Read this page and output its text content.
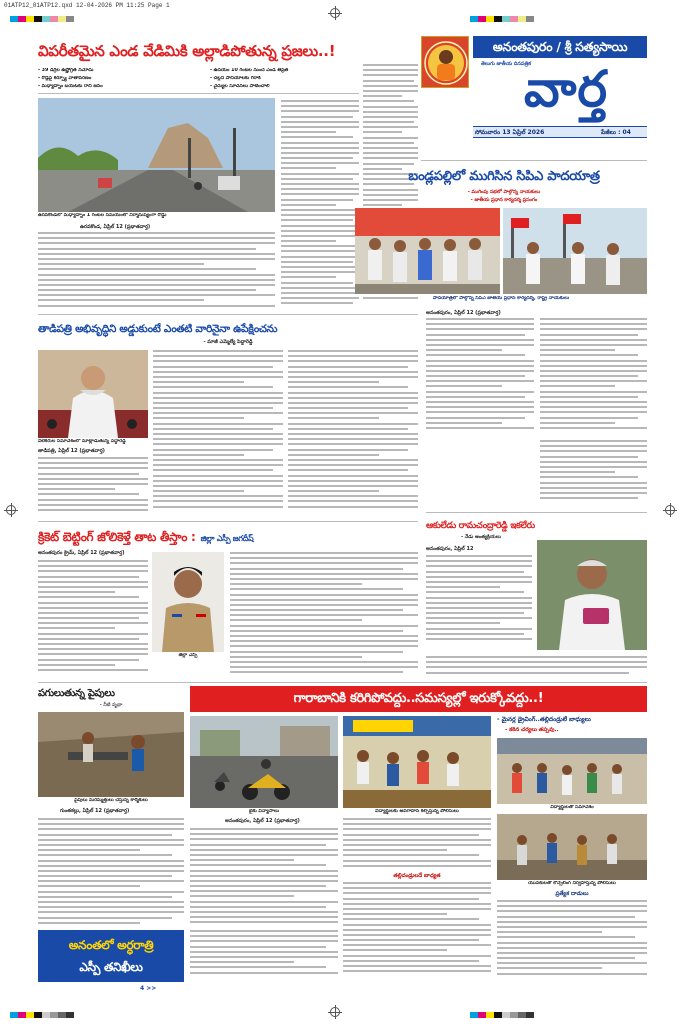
01ATP12_01ATP12.qxd 12-04-2026 PM 11:25 Page 1
అనంతపురం / శ్రీ సత్యసాయి
తెలుగు జాతీయ దినపత్రిక
వార్త
సోమవారం 13 ఏప్రిల్ 2026	పేజీలు : 04
విపరీతమైన ఎండ వేడిమికి అల్లాడిపోతున్న ప్రజలు..!
- 39 డిగ్రీల ఉష్ణోగ్రత నమోదు
- రోడ్లపై కర్ఫ్యూ వాతావరణం
- మధ్యాహ్నం బయటకు రాని జనం
- ఉదయం 10 గంటల నుంచే ఎండ తీవ్రత
- చల్లని పానీయాలకు గిరాకీ
- వైద్యుల సూచనలు పాటించాలి
ఉరవకొండలో మధ్యాహ్నం 1 గంటల సమయంలో నిర్మానుష్యంగా రోడ్డు
ఉరవకొండ, ఏప్రిల్ 12 (ప్రభాతవార్త)
తాడిపత్రి అభివృద్ధిని అడ్డుకుంటే ఎంతటి వారినైనా ఉపేక్షించను
- మాజీ ఎమ్మెల్యే పెద్దారెడ్డి
విలేకరుల సమావేశంలో మాట్లాడుతున్న పెద్దారెడ్డి
తాడిపత్రి, ఏప్రిల్ 12 (ప్రభాతవార్త)
క్రికెట్ బెట్టింగ్ జోలికెళ్తే తాట తీస్తాం : జిల్లా ఎస్పీ జగదీష్
అనంతపురం క్రైమ్, ఏప్రిల్ 12 (ప్రభాతవార్త)
జిల్లా ఎస్పీ
బండ్లపల్లిలో ముగిసిన సిపిఎ పాదయాత్ర
- ముగింపు సభలో పాల్గొన్న నాయకులు
- జాతీయ ప్రధాన కార్యదర్శి ప్రసంగం
పాదయాత్రలో పాల్గొన్న సిపిఎ జాతీయ ప్రధాన కార్యదర్శి, రాష్ట్ర నాయకులు
అనంతపురం, ఏప్రిల్ 12 (ప్రభాతవార్త)
ఆకులేడు రామచంద్రారెడ్డి ఇకలేరు
- నేడు అంత్యక్రియలు
అనంతపురం, ఏప్రిల్ 12
పగులుతున్న పైపులు
- నీటి వృథా
పైపులు మరమ్మత్తులు చేస్తున్న కార్మికులు
గుంతకల్లు, ఏప్రిల్ 12 (ప్రభాతవార్త)
అనంతలో అర్ధరాత్రి
ఎస్పీ తనిఖీలు
4 >>
గారాబానికి కరిగిపోవద్దు..సమస్యల్లో ఇరుక్కోవద్దు..!
బైకు విన్యాసాలు	విద్యార్థులకు అవగాహన కల్పిస్తున్న పోలీసులు
అనంతపురం, ఏప్రిల్ 12 (ప్రభాతవార్త)
తల్లిదండ్రులదే బాధ్యత
- మైనర్ల డ్రైవింగ్..తల్లిదండ్రులే బాధ్యులు
- కఠిన చర్యలు తప్పవు..
విద్యార్థులతో సమావేశం
యువకులతో కౌన్సెలింగ్ నిర్వహిస్తున్న పోలీసులు
ప్రత్యేక దాడులు
